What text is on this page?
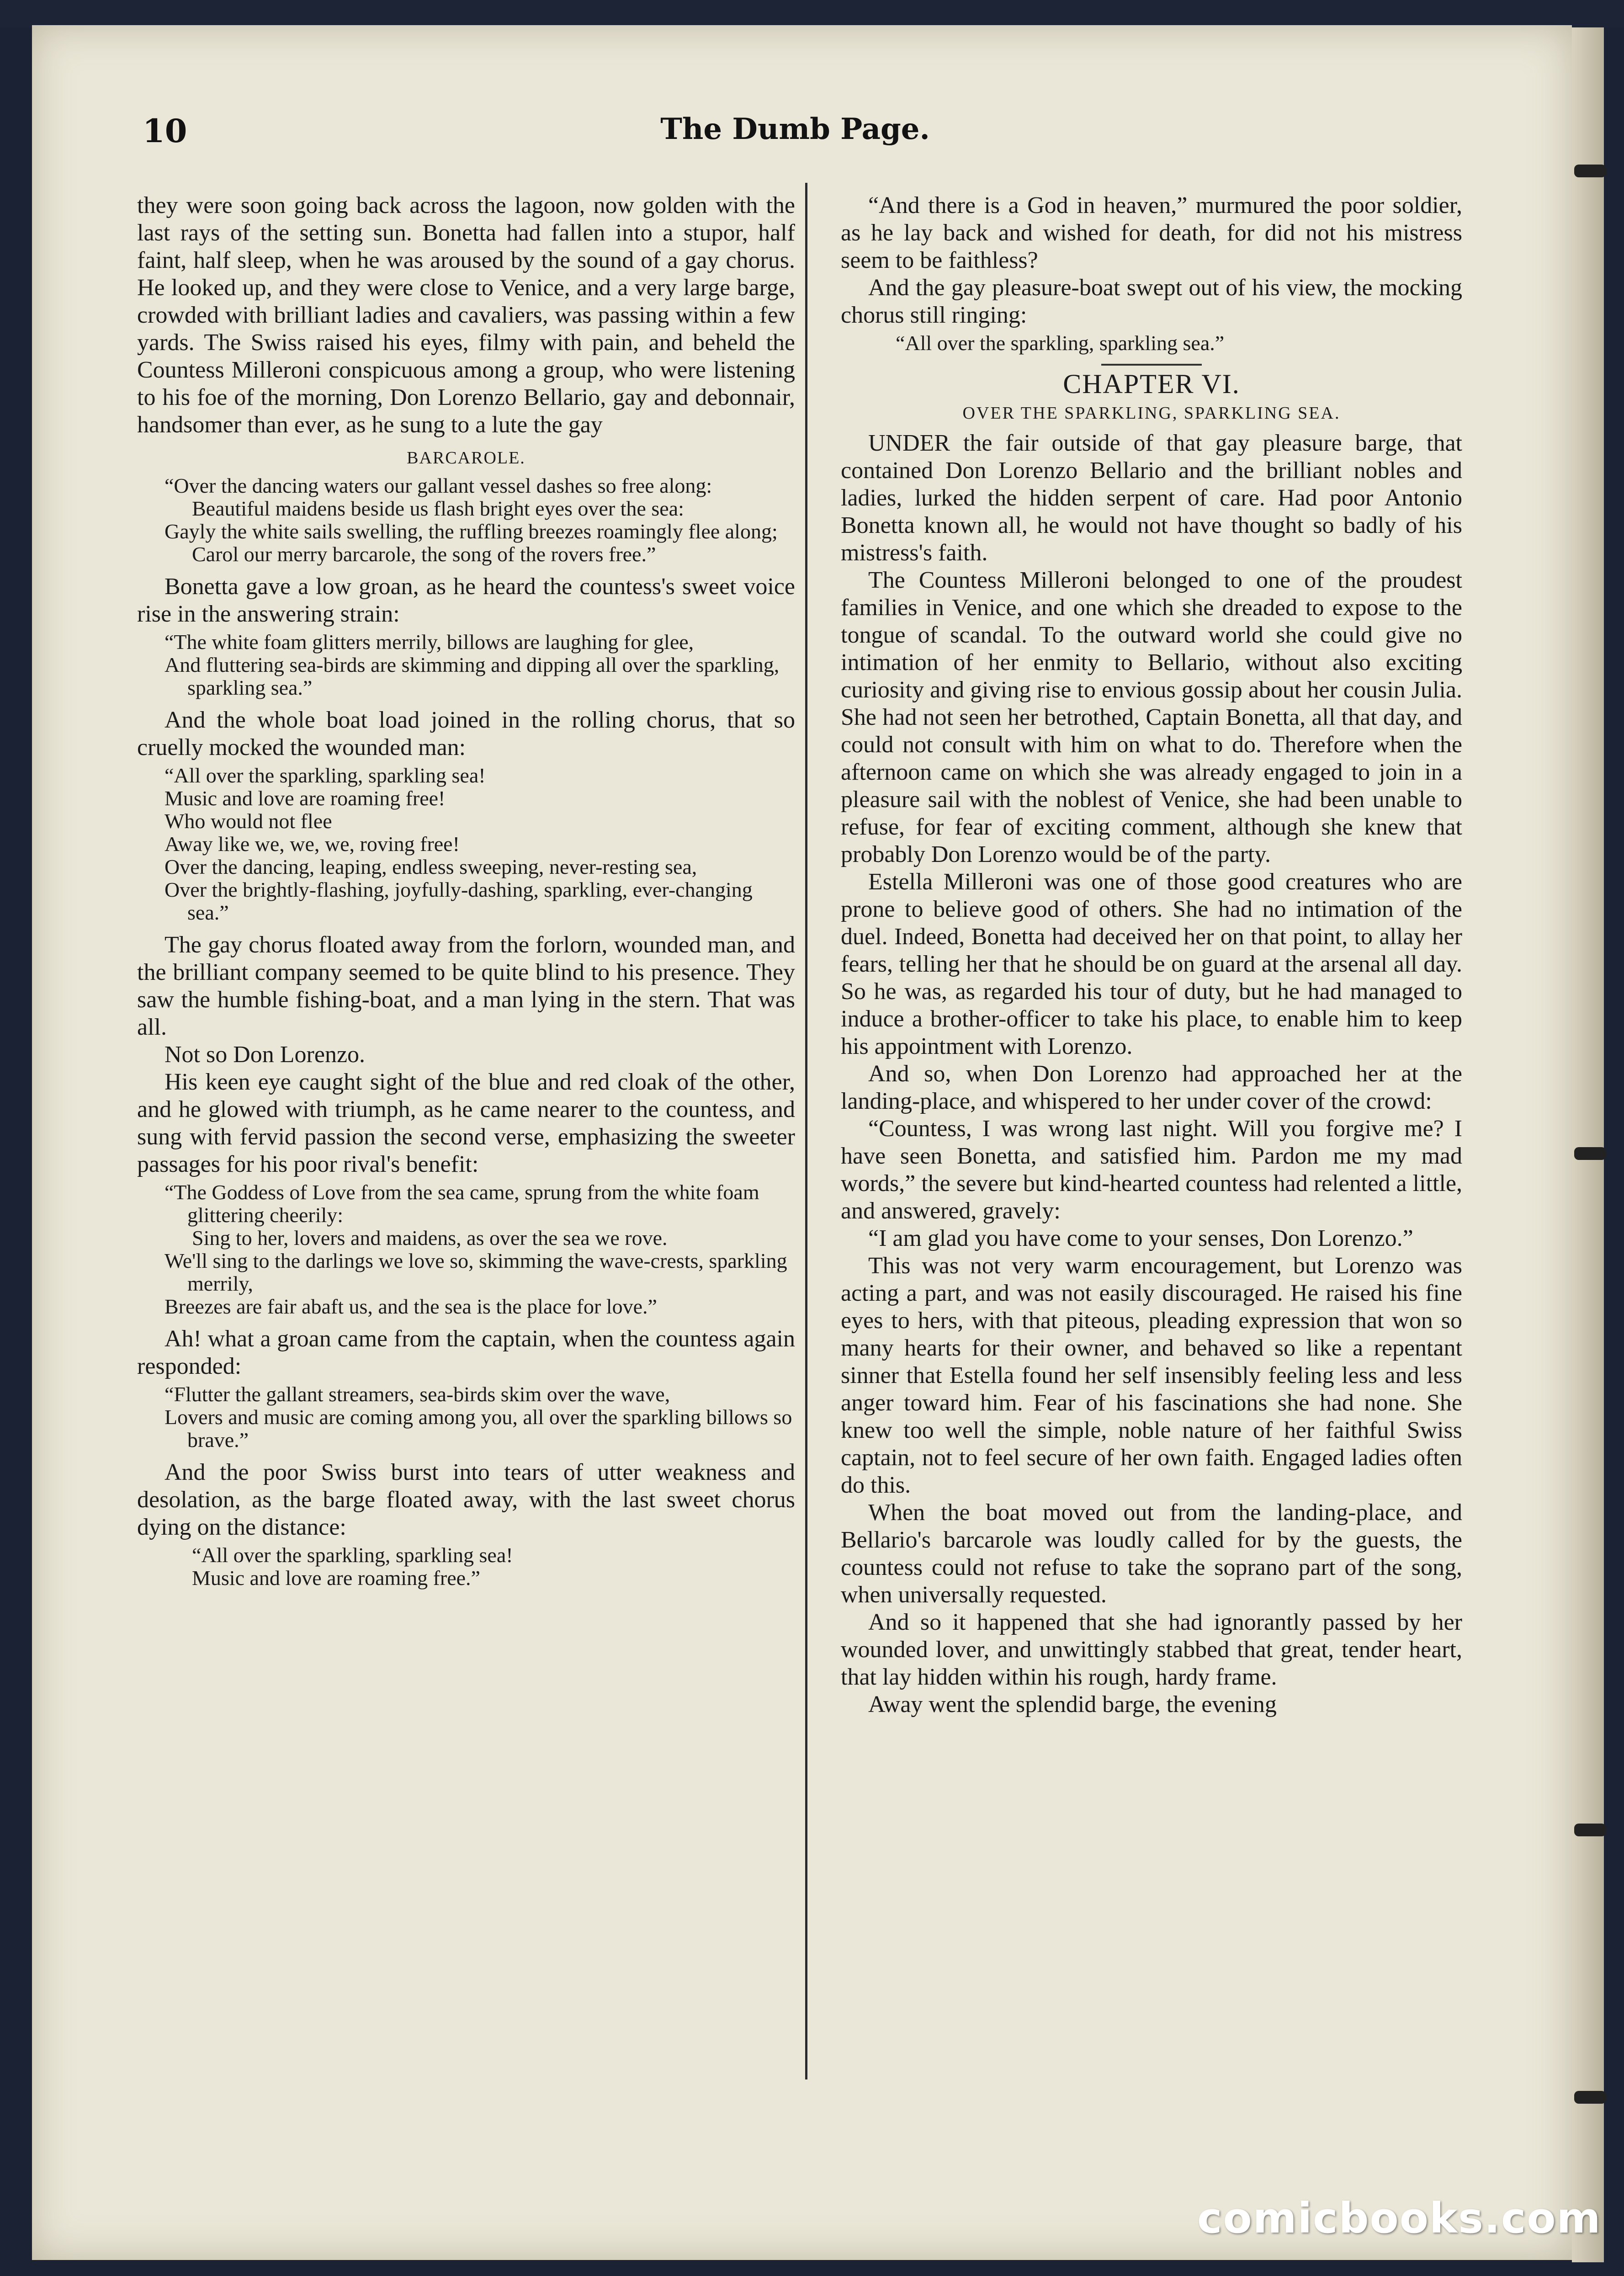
10	The Dumb Page.

they were soon going back across the lagoon, now golden with the last rays of the setting sun. Bonetta had fallen into a stupor, half faint, half sleep, when he was aroused by the sound of a gay chorus. He looked up, and they were close to Venice, and a very large barge, crowded with brilliant ladies and cavaliers, was passing within a few yards. The Swiss raised his eyes, filmy with pain, and beheld the Countess Milleroni conspicuous among a group, who were listening to his foe of the morning, Don Lorenzo Bellario, gay and debonnair, handsomer than ever, as he sung to a lute the gay

BARCAROLE.
“Over the dancing waters our gallant vessel dashes so free along:
Beautiful maidens beside us flash bright eyes over the sea:
Gayly the white sails swelling, the ruffling breezes roamingly flee along;
Carol our merry barcarole, the song of the rovers free.”

Bonetta gave a low groan, as he heard the countess's sweet voice rise in the answering strain:

“The white foam glitters merrily, billows are laughing for glee,
And fluttering sea-birds are skimming and dipping all over the sparkling, sparkling sea.”

And the whole boat load joined in the rolling chorus, that so cruelly mocked the wounded man:

“All over the sparkling, sparkling sea!
Music and love are roaming free!
Who would not flee
Away like we, we, we, roving free!
Over the dancing, leaping, endless sweeping, never-resting sea,
Over the brightly-flashing, joyfully-dashing, sparkling, ever-changing sea.”

The gay chorus floated away from the forlorn, wounded man, and the brilliant company seemed to be quite blind to his presence. They saw the humble fishing-boat, and a man lying in the stern. That was all.

Not so Don Lorenzo.

His keen eye caught sight of the blue and red cloak of the other, and he glowed with triumph, as he came nearer to the countess, and sung with fervid passion the second verse, emphasizing the sweeter passages for his poor rival's benefit:

“The Goddess of Love from the sea came, sprung from the white foam glittering cheerily:
Sing to her, lovers and maidens, as over the sea we rove.
We'll sing to the darlings we love so, skimming the wave-crests, sparkling merrily,
Breezes are fair abaft us, and the sea is the place for love.”

Ah! what a groan came from the captain, when the countess again responded:

“Flutter the gallant streamers, sea-birds skim over the wave,
Lovers and music are coming among you, all over the sparkling billows so brave.”

And the poor Swiss burst into tears of utter weakness and desolation, as the barge floated away, with the last sweet chorus dying on the distance:

“All over the sparkling, sparkling sea!
Music and love are roaming free.”

“And there is a God in heaven,” murmured the poor soldier, as he lay back and wished for death, for did not his mistress seem to be faithless?

And the gay pleasure-boat swept out of his view, the mocking chorus still ringing:

“All over the sparkling, sparkling sea.”
CHAPTER VI.
OVER THE SPARKLING, SPARKLING SEA.

UNDER the fair outside of that gay pleasure barge, that contained Don Lorenzo Bellario and the brilliant nobles and ladies, lurked the hidden serpent of care. Had poor Antonio Bonetta known all, he would not have thought so badly of his mistress's faith.

The Countess Milleroni belonged to one of the proudest families in Venice, and one which she dreaded to expose to the tongue of scandal. To the outward world she could give no intimation of her enmity to Bellario, without also exciting curiosity and giving rise to envious gossip about her cousin Julia. She had not seen her betrothed, Captain Bonetta, all that day, and could not consult with him on what to do. Therefore when the afternoon came on which she was already engaged to join in a pleasure sail with the noblest of Venice, she had been unable to refuse, for fear of exciting comment, although she knew that probably Don Lorenzo would be of the party.

Estella Milleroni was one of those good creatures who are prone to believe good of others. She had no intimation of the duel. Indeed, Bonetta had deceived her on that point, to allay her fears, telling her that he should be on guard at the arsenal all day. So he was, as regarded his tour of duty, but he had managed to induce a brother-officer to take his place, to enable him to keep his appointment with Lorenzo.

And so, when Don Lorenzo had approached her at the landing-place, and whispered to her under cover of the crowd:

“Countess, I was wrong last night. Will you forgive me? I have seen Bonetta, and satisfied him. Pardon me my mad words,” the severe but kind-hearted countess had relented a little, and answered, gravely:

“I am glad you have come to your senses, Don Lorenzo.”

This was not very warm encouragement, but Lorenzo was acting a part, and was not easily discouraged. He raised his fine eyes to hers, with that piteous, pleading expression that won so many hearts for their owner, and behaved so like a repentant sinner that Estella found her self insensibly feeling less and less anger toward him. Fear of his fascinations she had none. She knew too well the simple, noble nature of her faithful Swiss captain, not to feel secure of her own faith. Engaged ladies often do this.

When the boat moved out from the landing-place, and Bellario's barcarole was loudly called for by the guests, the countess could not refuse to take the soprano part of the song, when universally requested.

And so it happened that she had ignorantly passed by her wounded lover, and unwittingly stabbed that great, tender heart, that lay hidden within his rough, hardy frame.

Away went the splendid barge, the evening

comicbooks.com
